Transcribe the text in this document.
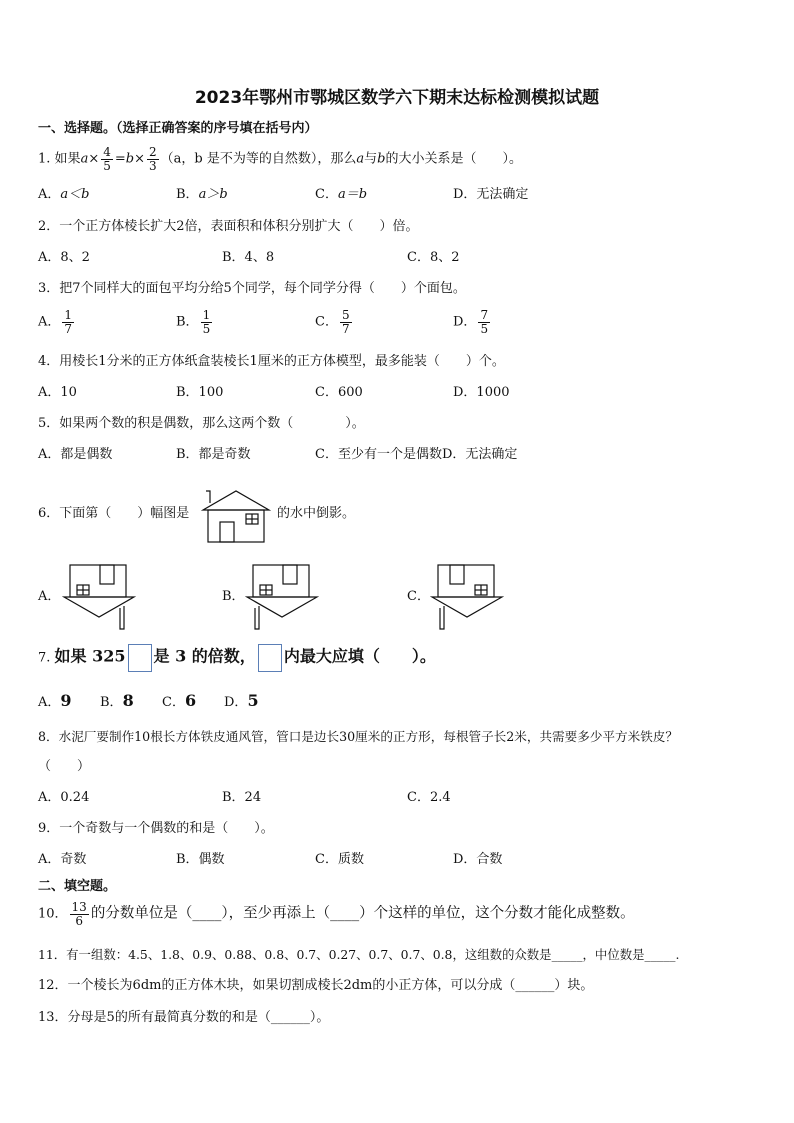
2023年鄂州市鄂城区数学六下期末达标检测模拟试题
一、选择题。（选择正确答案的序号填在括号内）
1. 如果$a\times \frac{4}{5} =b\times \frac{2}{3} (a$，b 是不为等的自然数），那么a与b的大小关系是（　　）。
A．a＜b	B．a＞b	C．a＝b	D．无法确定
2．一个正方体棱长扩大2倍，表面积和体积分别扩大（　　）倍。
A．8、2	B．4、8	C．8、2
3．把7个同样大的面包平均分给5个同学，每个同学分得（　　）个面包。
A． $\frac{1}{7}$	B． $\frac{1}{5}$	C． $\frac{5}{7}$	D． $\frac{7}{5}$
4．用棱长1分米的正方体纸盒装棱长1厘米的正方体模型，最多能装（　　）个。
A．10	B．100	C．600	D．1000
5．如果两个数的积是偶数，那么这两个数（　　　　）。
A．都是偶数	B．都是奇数	C．至少有一个是偶数D．无法确定
6．下面第（　　）幅图是	的水中倒影。
A．	B．	C．
7. 如果 325 是 3 的倍数， 内最大应填（　　）。
A．9 B．8 C．6 D．5
8．水泥厂要制作10根长方体铁皮通风管，管口是边长30厘米的正方形，每根管子长2米，共需要多少平方米铁皮？
（　　）
A．0.24	B．24	C．2.4
9．一个奇数与一个偶数的和是（　　）。
A．奇数	B．偶数	C．质数	D．合数
二、填空题。
10． $\frac{13}{6}$ 的分数单位是（____），至少再添上（____）个这样的单位，这个分数才能化成整数。
11．有一组数：4.5、1.8、0.9、0.88、0.8、0.7、0.27、0.7、0.7、0.8，这组数的众数是_____，中位数是_____.
12．一个棱长为6dm的正方体木块，如果切割成棱长2dm的小正方体，可以分成（______）块。
13．分母是5的所有最简真分数的和是（______）。
